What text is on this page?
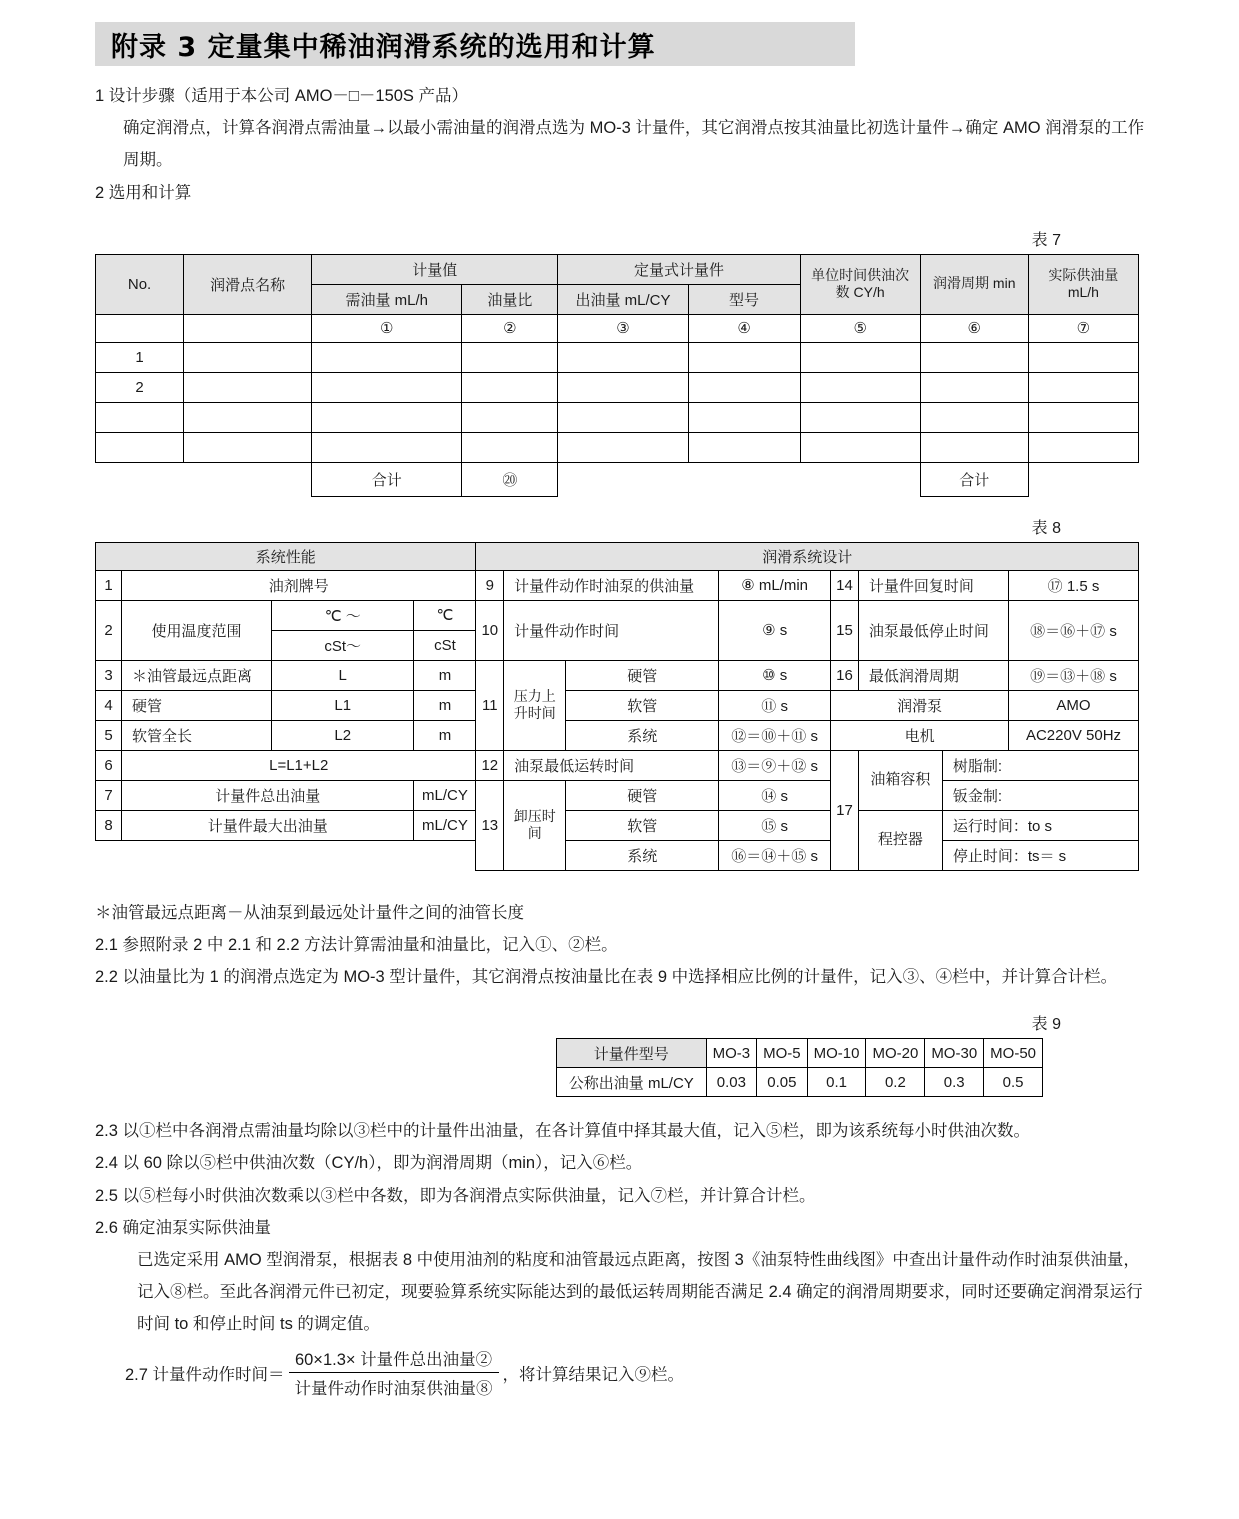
附录 3 定量集中稀油润滑系统的选用和计算

1 设计步骤（适用于本公司 AMO－□－150S 产品）

确定润滑点，计算各润滑点需油量→以最小需油量的润滑点选为 MO-3 计量件，其它润滑点按其油量比初选计量件→确定 AMO 润滑泵的工作周期。

2 选用和计算

表 7
No.	润滑点名称	计量值		定量式计量件		单位时间供油次数 CY/h	润滑周期 min	实际供油量 mL/h
		需油量 mL/h	油量比	出油量 mL/CY	型号			
		①	②	③	④	⑤	⑥	⑦
1								
2								

		合计	⑳				合计	
表 8
系统性能				润滑系统设计							
1	油剂牌号			9	计量件动作时油泵的供油量		⑧ mL/min	14	计量件回复时间		⑰ 1.5 s
2	使用温度范围	℃ ～	℃	10	计量件动作时间		⑨ s	15	油泵最低停止时间		⑱＝⑯＋⑰ s
		cSt～	cSt								
3	＊油管最远点距离	L	m	11	压力上升时间	硬管	⑩ s	16	最低润滑周期		⑲＝⑬＋⑱ s
4	硬管	L1	m			软管	⑪ s	润滑泵			AMO
5	软管全长	L2	m			系统	⑫＝⑩＋⑪ s	电机			AC220V 50Hz
6	L=L1+L2			12	油泵最低运转时间		⑬＝⑨＋⑫ s	17	油箱容积	树脂制:	
7	计量件总出油量		mL/CY	13	卸压时间	硬管	⑭ s			钣金制:	
8	计量件最大出油量		mL/CY			软管	⑮ s		程控器	运行时间：to s	
						系统	⑯＝⑭＋⑮ s			停止时间：ts＝ s	

＊油管最远点距离－从油泵到最远处计量件之间的油管长度

2.1 参照附录 2 中 2.1 和 2.2 方法计算需油量和油量比，记入①、②栏。

2.2 以油量比为 1 的润滑点选定为 MO-3 型计量件，其它润滑点按油量比在表 9 中选择相应比例的计量件，记入③、④栏中，并计算合计栏。

表 9
计量件型号	MO-3	MO-5	MO-10	MO-20	MO-30	MO-50
公称出油量 mL/CY	0.03	0.05	0.1	0.2	0.3	0.5

2.3 以①栏中各润滑点需油量均除以③栏中的计量件出油量，在各计算值中择其最大值，记入⑤栏，即为该系统每小时供油次数。

2.4 以 60 除以⑤栏中供油次数（CY/h），即为润滑周期（min），记入⑥栏。

2.5 以⑤栏每小时供油次数乘以③栏中各数，即为各润滑点实际供油量，记入⑦栏，并计算合计栏。

2.6 确定油泵实际供油量

已选定采用 AMO 型润滑泵，根据表 8 中使用油剂的粘度和油管最远点距离，按图 3《油泵特性曲线图》中查出计量件动作时油泵供油量，记入⑧栏。至此各润滑元件已初定，现要验算系统实际能达到的最低运转周期能否满足 2.4 确定的润滑周期要求，同时还要确定润滑泵运行时间 to 和停止时间 ts 的调定值。

2.7 计量件动作时间＝ $\frac{\text{60×1.3× 计量件总出油量②}}{\text{计量件动作时油泵供油量⑧}}$ ，将计算结果记入⑨栏。
